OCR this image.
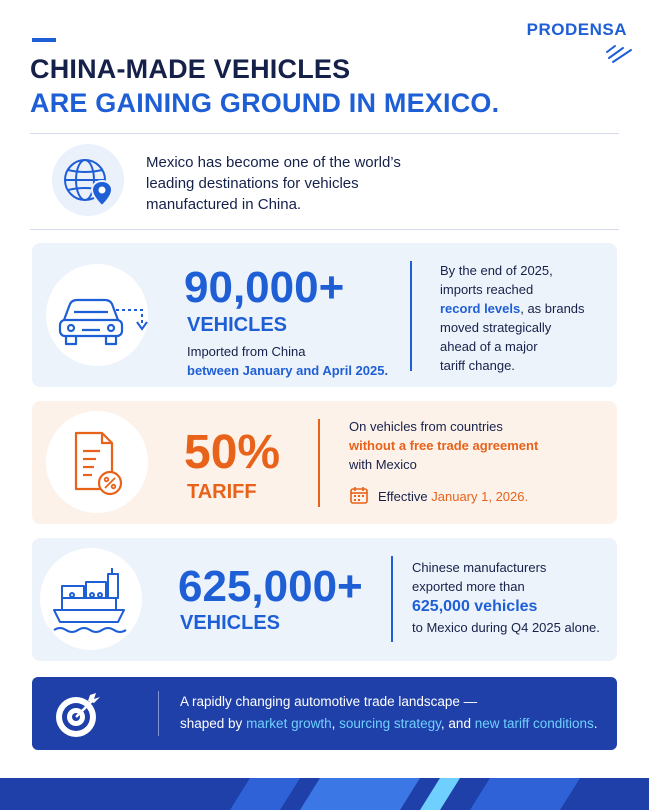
PRODENSA
CHINA-MADE VEHICLES
ARE GAINING GROUND IN MEXICO.
Mexico has become one of the world’s
leading destinations for vehicles
manufactured in China.
90,000+
VEHICLES
Imported from China
between January and April 2025.
By the end of 2025,
imports reached
record levels, as brands
moved strategically
ahead of a major
tariff change.
50%
TARIFF
On vehicles from countries
without a free trade agreement
with Mexico
Effective January 1, 2026.
625,000+
VEHICLES
Chinese manufacturers
exported more than
625,000 vehicles
to Mexico during Q4 2025 alone.
A rapidly changing automotive trade landscape —
shaped by market growth, sourcing strategy, and new tariff conditions.
